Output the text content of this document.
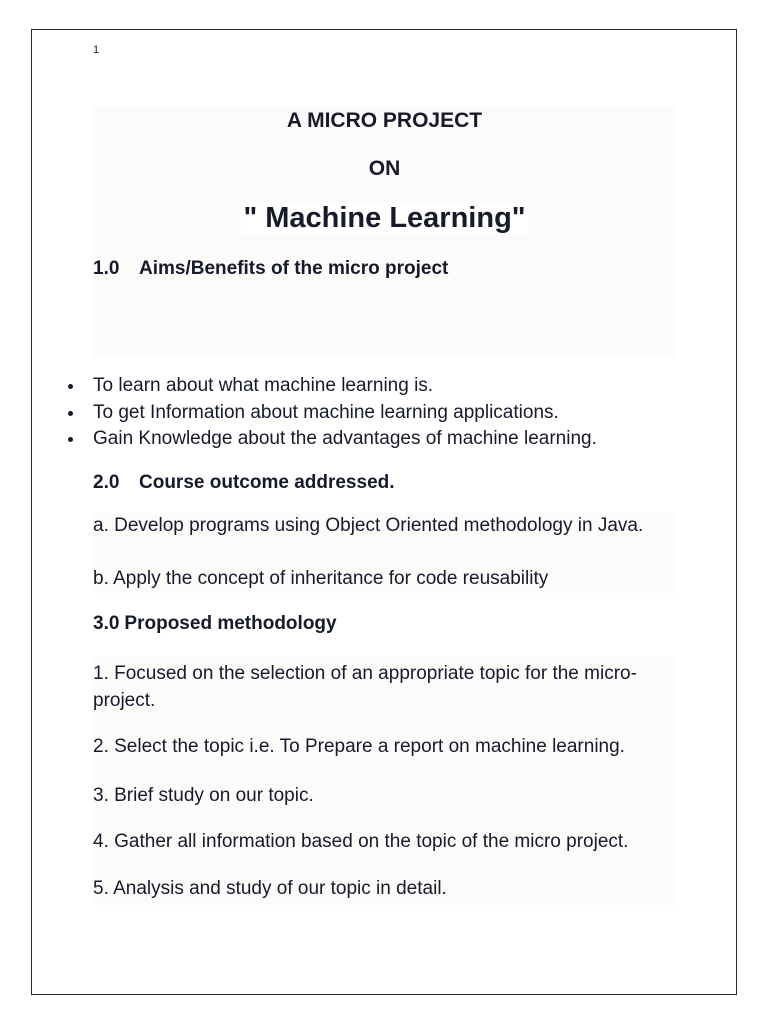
1
A MICRO PROJECT
ON
" Machine Learning"
1.0 Aims/Benefits of the micro project
To learn about what machine learning is.
To get Information about machine learning applications.
Gain Knowledge about the advantages of machine learning.
2.0 Course outcome addressed.
a. Develop programs using Object Oriented methodology in Java.
b. Apply the concept of inheritance for code reusability
3.0 Proposed methodology
1. Focused on the selection of an appropriate topic for the micro-project.
2. Select the topic i.e. To Prepare a report on machine learning.
3. Brief study on our topic.
4. Gather all information based on the topic of the micro project.
5. Analysis and study of our topic in detail.
